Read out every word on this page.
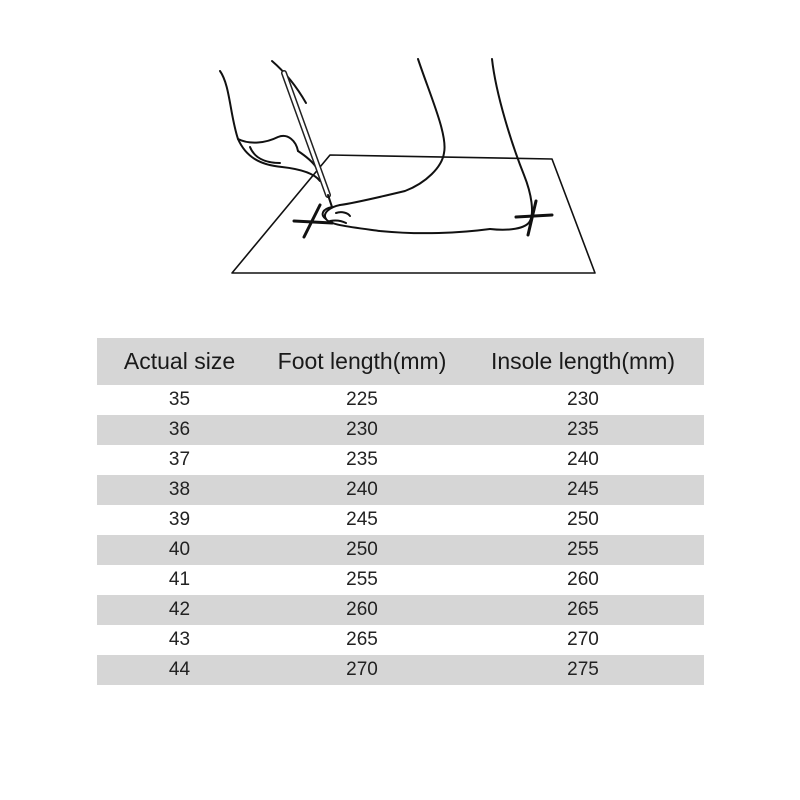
Actual size	Foot length(mm)	Insole length(mm)
35	225	230
36	230	235
37	235	240
38	240	245
39	245	250
40	250	255
41	255	260
42	260	265
43	265	270
44	270	275
